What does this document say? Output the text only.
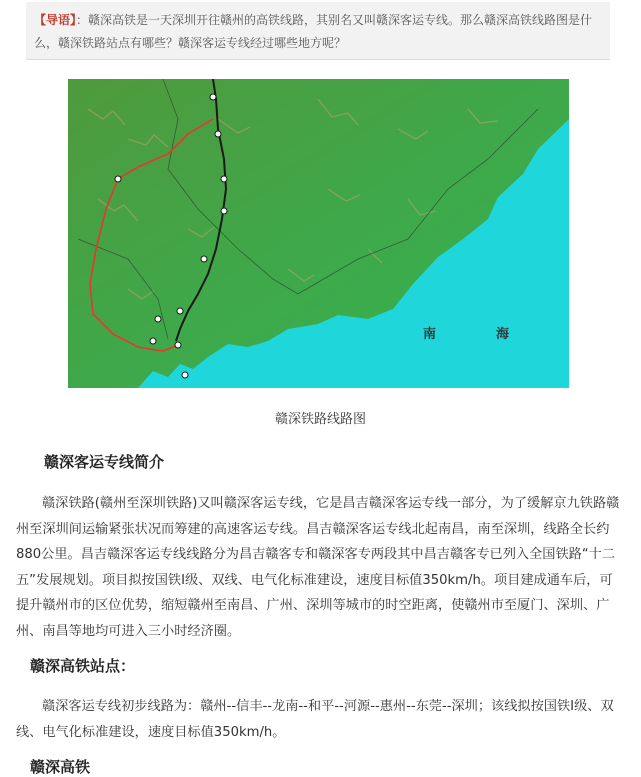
【导语】：赣深高铁是一天深圳开往赣州的高铁线路，其别名又叫赣深客运专线。那么赣深高铁线路图是什么，赣深铁路站点有哪些？赣深客运专线经过哪些地方呢？
南	海
赣深铁路线路图
赣深客运专线简介

赣深铁路(赣州至深圳铁路)又叫赣深客运专线，它是昌吉赣深客运专线一部分，为了缓解京九铁路赣州至深圳间运输紧张状况而筹建的高速客运专线。昌吉赣深客运专线北起南昌，南至深圳，线路全长约880公里。昌吉赣深客运专线线路分为昌吉赣客专和赣深客专两段其中昌吉赣客专已列入全国铁路“十二五”发展规划。项目拟按国铁Ⅰ级、双线、电气化标准建设，速度目标值350km/h。项目建成通车后，可提升赣州市的区位优势，缩短赣州至南昌、广州、深圳等城市的时空距离，使赣州市至厦门、深圳、广州、南昌等地均可进入三小时经济圈。

赣深高铁站点：

赣深客运专线初步线路为：赣州--信丰--龙南--和平--河源--惠州--东莞--深圳；该线拟按国铁Ⅰ级、双线、电气化标准建设，速度目标值350km/h。

赣深高铁
